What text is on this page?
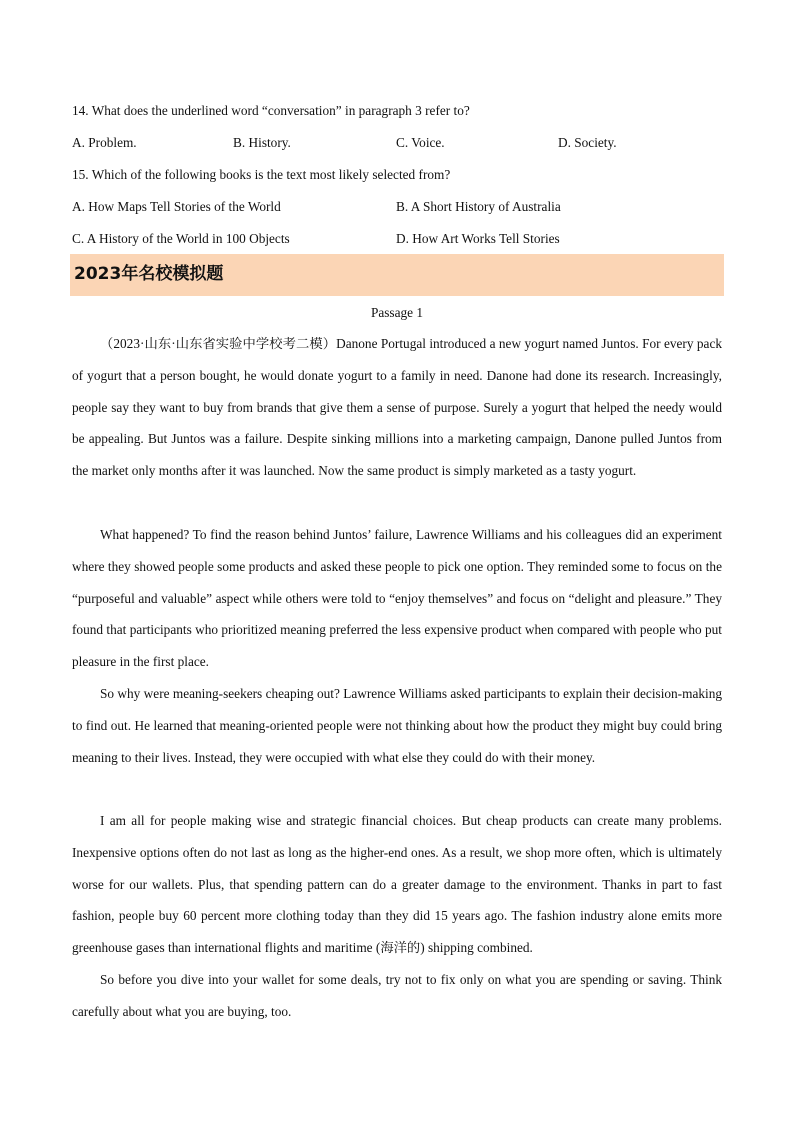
14. What does the underlined word “conversation” in paragraph 3 refer to?
A. Problem.	B. History.	C. Voice.	D. Society.
15. Which of the following books is the text most likely selected from?
A. How Maps Tell Stories of the World	B. A Short History of Australia
C. A History of the World in 100 Objects	D. How Art Works Tell Stories
2023年名校模拟题
Passage 1

（2023·山东·山东省实验中学校考二模）Danone Portugal introduced a new yogurt named Juntos. For every pack of yogurt that a person bought, he would donate yogurt to a family in need. Danone had done its research. Increasingly, people say they want to buy from brands that give them a sense of purpose. Surely a yogurt that helped the needy would be appealing. But Juntos was a failure. Despite sinking millions into a marketing campaign, Danone pulled Juntos from the market only months after it was launched. Now the same product is simply marketed as a tasty yogurt.

What happened? To find the reason behind Juntos’ failure, Lawrence Williams and his colleagues did an experiment where they showed people some products and asked these people to pick one option. They reminded some to focus on the “purposeful and valuable” aspect while others were told to “enjoy themselves” and focus on “delight and pleasure.” They found that participants who prioritized meaning preferred the less expensive product when compared with people who put pleasure in the first place.

So why were meaning-seekers cheaping out? Lawrence Williams asked participants to explain their decision-making to find out. He learned that meaning-oriented people were not thinking about how the product they might buy could bring meaning to their lives. Instead, they were occupied with what else they could do with their money.

I am all for people making wise and strategic financial choices. But cheap products can create many problems. Inexpensive options often do not last as long as the higher-end ones. As a result, we shop more often, which is ultimately worse for our wallets. Plus, that spending pattern can do a greater damage to the environment. Thanks in part to fast fashion, people buy 60 percent more clothing today than they did 15 years ago. The fashion industry alone emits more greenhouse gases than international flights and maritime (海洋的) shipping combined.

So before you dive into your wallet for some deals, try not to fix only on what you are spending or saving. Think carefully about what you are buying, too.
